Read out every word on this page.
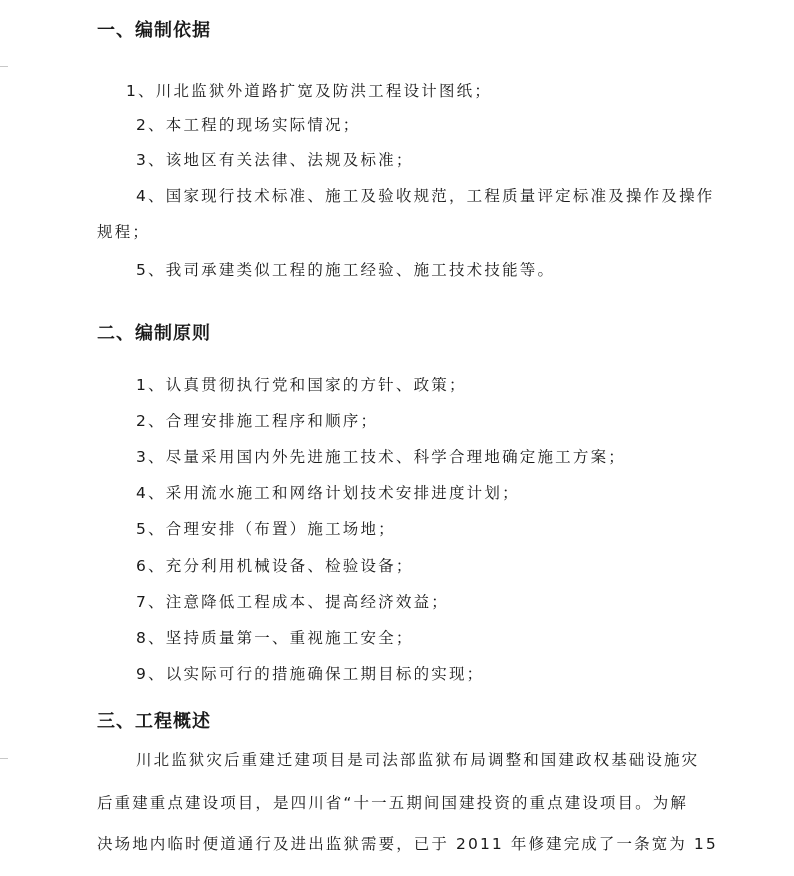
一、编制依据
1、川北监狱外道路扩宽及防洪工程设计图纸；
2、本工程的现场实际情况；
3、该地区有关法律、法规及标准；
4、国家现行技术标准、施工及验收规范，工程质量评定标准及操作及操作
规程；
5、我司承建类似工程的施工经验、施工技术技能等。
二、编制原则
1、认真贯彻执行党和国家的方针、政策；
2、合理安排施工程序和顺序；
3、尽量采用国内外先进施工技术、科学合理地确定施工方案；
4、采用流水施工和网络计划技术安排进度计划；
5、合理安排（布置）施工场地；
6、充分利用机械设备、检验设备；
7、注意降低工程成本、提高经济效益；
8、坚持质量第一、重视施工安全；
9、以实际可行的措施确保工期目标的实现；
三、工程概述
川北监狱灾后重建迁建项目是司法部监狱布局调整和国建政权基础设施灾
后重建重点建设项目，是四川省“十一五期间国建投资的重点建设项目。为解
决场地内临时便道通行及进出监狱需要，已于 2011 年修建完成了一条宽为 15
